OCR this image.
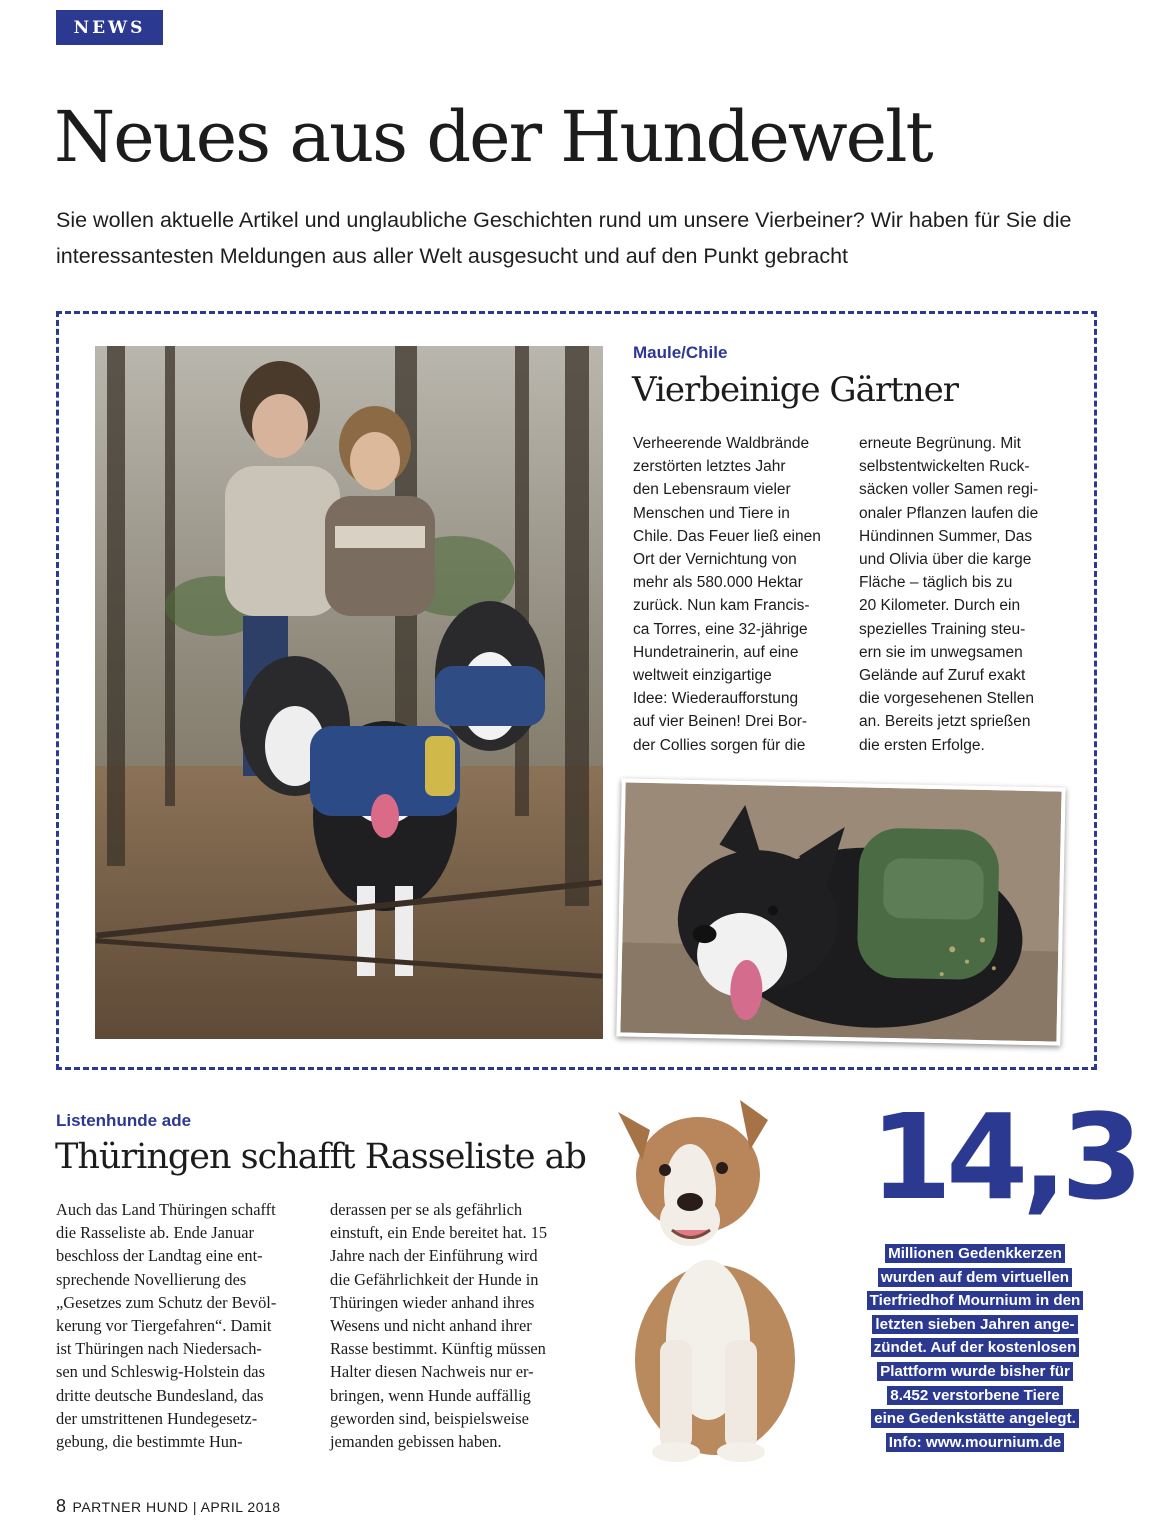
NEWS
Neues aus der Hundewelt

Sie wollen aktuelle Artikel und unglaubliche Geschichten rund um unsere Vierbeiner? Wir haben für Sie die interessantesten Meldungen aus aller Welt ausgesucht und auf den Punkt gebracht

Maule/Chile
Vierbeinige Gärtner
Verheerende Waldbrände
zerstörten letztes Jahr
den Lebensraum vieler
Menschen und Tiere in
Chile. Das Feuer ließ einen
Ort der Vernichtung von
mehr als 580.000 Hektar
zurück. Nun kam Francis-
ca Torres, eine 32-jährige
Hundetrainerin, auf eine
weltweit einzigartige
Idee: Wiederaufforstung
auf vier Beinen! Drei Bor-
der Collies sorgen für die
erneute Begrünung. Mit
selbstentwickelten Ruck-
säcken voller Samen regi-
onaler Pflanzen laufen die
Hündinnen Summer, Das
und Olivia über die karge
Fläche – täglich bis zu
20 Kilometer. Durch ein
spezielles Training steu-
ern sie im unwegsamen
Gelände auf Zuruf exakt
die vorgesehenen Stellen
an. Bereits jetzt sprießen
die ersten Erfolge.
Listenhunde ade
Thüringen schafft Rasseliste ab
Auch das Land Thüringen schafft
die Rasseliste ab. Ende Januar
beschloss der Landtag eine ent-
sprechende Novellierung des
„Gesetzes zum Schutz der Bevöl-
kerung vor Tiergefahren“. Damit
ist Thüringen nach Niedersach-
sen und Schleswig-Holstein das
dritte deutsche Bundesland, das
der umstrittenen Hundegesetz-
gebung, die bestimmte Hun-
derassen per se als gefährlich
einstuft, ein Ende bereitet hat. 15
Jahre nach der Einführung wird
die Gefährlichkeit der Hunde in
Thüringen wieder anhand ihres
Wesens und nicht anhand ihrer
Rasse bestimmt. Künftig müssen
Halter diesen Nachweis nur er-
bringen, wenn Hunde auffällig
geworden sind, beispielsweise
jemanden gebissen haben.
14,3
Millionen Gedenkkerzen
wurden auf dem virtuellen
Tierfriedhof Mournium in den
letzten sieben Jahren ange-
zündet. Auf der kostenlosen
Plattform wurde bisher für
8.452 verstorbene Tiere
eine Gedenkstätte angelegt.
Info: www.mournium.de
8 PARTNER HUND | APRIL 2018
